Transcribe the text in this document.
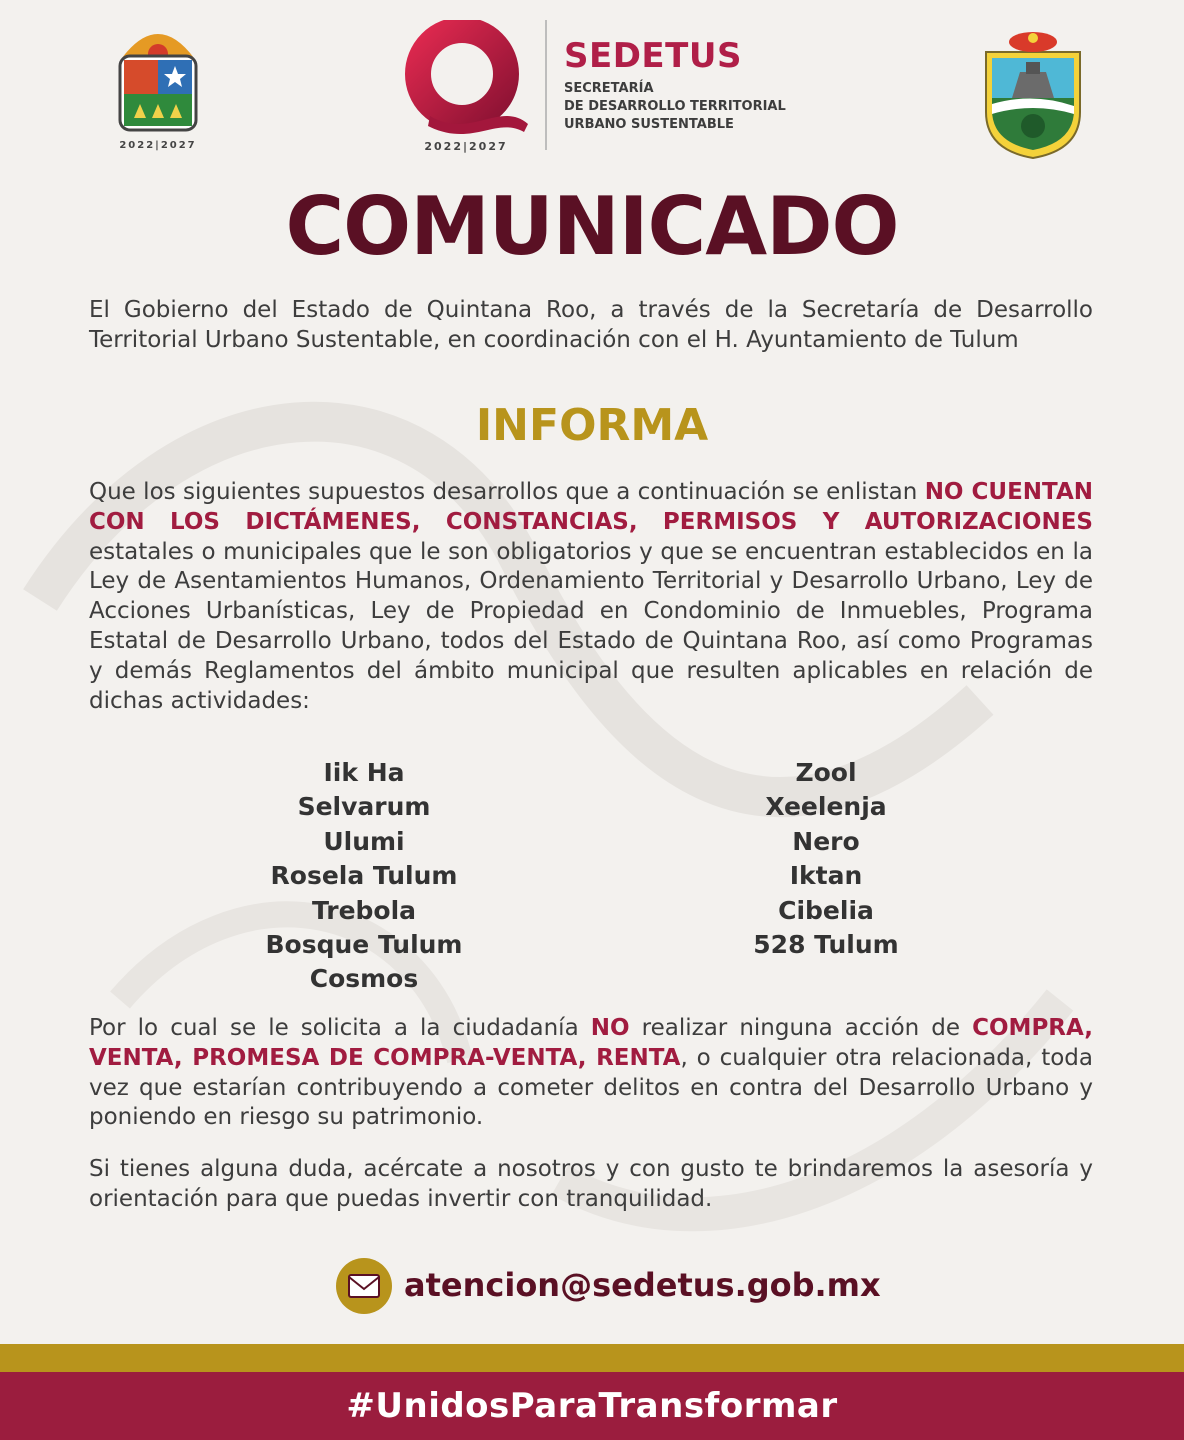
2022|2027	2022|2027
SEDETUS
SECRETARÍA
DE DESARROLLO TERRITORIAL
URBANO SUSTENTABLE
COMUNICADO
El Gobierno del Estado de Quintana Roo, a través de la Secretaría de Desarrollo Territorial Urbano Sustentable, en coordinación con el H. Ayuntamiento de Tulum
INFORMA
Que los siguientes supuestos desarrollos que a continuación se enlistan NO CUENTAN CON LOS DICTÁMENES, CONSTANCIAS, PERMISOS Y AUTORIZACIONES estatales o municipales que le son obligatorios y que se encuentran establecidos en la Ley de Asentamientos Humanos, Ordenamiento Territorial y Desarrollo Urbano, Ley de Acciones Urbanísticas, Ley de Propiedad en Condominio de Inmuebles, Programa Estatal de Desarrollo Urbano, todos del Estado de Quintana Roo, así como Programas y demás Reglamentos del ámbito municipal que resulten aplicables en relación de dichas actividades:
Iik Ha
Selvarum
Ulumi
Rosela Tulum
Trebola
Bosque Tulum
Cosmos
Zool
Xeelenja
Nero
Iktan
Cibelia
528 Tulum
Por lo cual se le solicita a la ciudadanía NO realizar ninguna acción de COMPRA, VENTA, PROMESA DE COMPRA-VENTA, RENTA, o cualquier otra relacionada, toda vez que estarían contribuyendo a cometer delitos en contra del Desarrollo Urbano y poniendo en riesgo su patrimonio.
Si tienes alguna duda, acércate a nosotros y con gusto te brindaremos la asesoría y orientación para que puedas invertir con tranquilidad.
atencion@sedetus.gob.mx
#UnidosParaTransformar
